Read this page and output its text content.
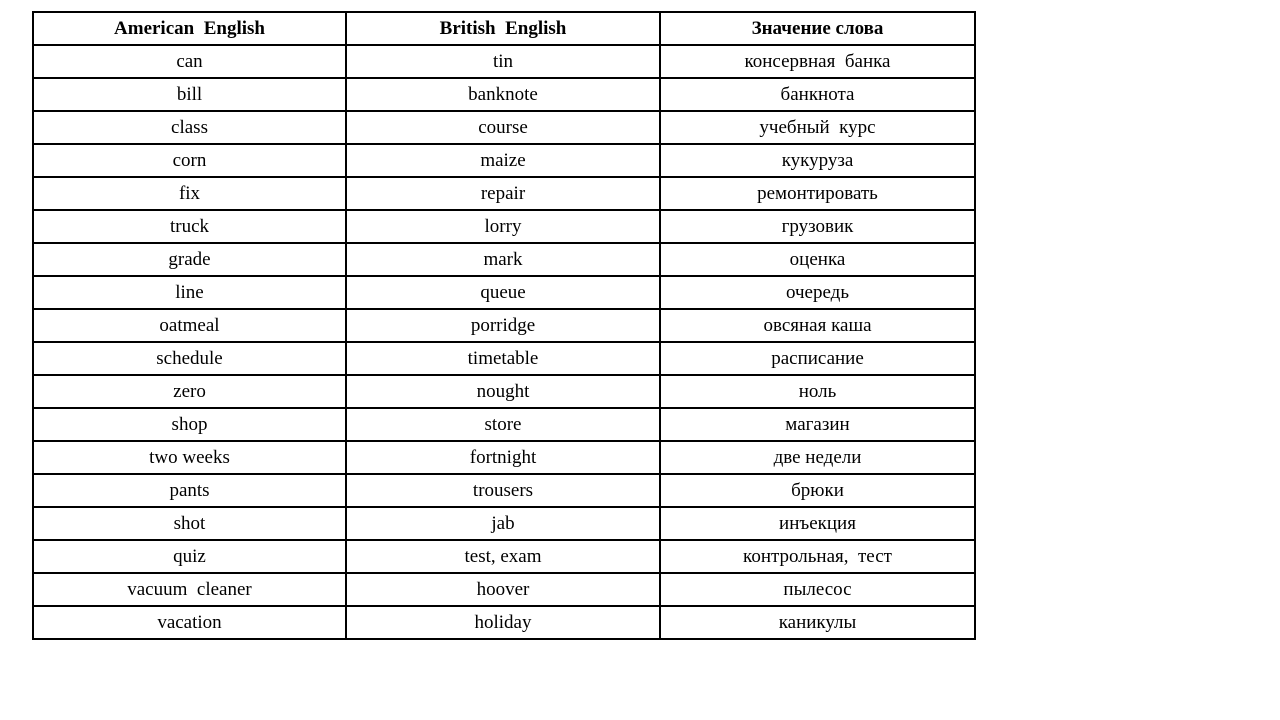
American  English	British  English	Значение слова
can	tin	консервная  банка
bill	banknote	банкнота
class	course	учебный  курс
corn	maize	кукуруза
fix	repair	ремонтировать
truck	lorry	грузовик
grade	mark	оценка
line	queue	очередь
oatmeal	porridge	овсяная каша
schedule	timetable	расписание
zero	nought	ноль
shop	store	магазин
two weeks	fortnight	две недели
pants	trousers	брюки
shot	jab	инъекция
quiz	test, exam	контрольная,  тест
vacuum  cleaner	hoover	пылесос
vacation	holiday	каникулы
